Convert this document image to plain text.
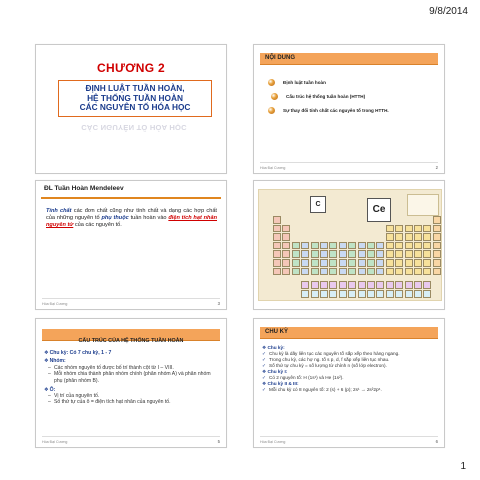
9/8/2014
CHƯƠNG 2
ĐỊNH LUẬT TUẦN HOÀN,
HỆ THỐNG TUẦN HOÀN
CÁC NGUYÊN TỐ HÓA HỌC
CÁC NGUYÊN TỐ HÓA HỌC
NỘI DUNG
Định luật tuần hoàn
Cấu trúc hệ thống tuần hoàn (HTTH)
Sự thay đổi tính chất các nguyên tố trong HTTH.
Hóa Đại Cương	2
ĐL Tuần Hoàn Mendeleev
Tính chất các đơn chất cũng như tính chất và dạng các hợp chất của những nguyên tố phụ thuộc tuần hoàn vào điện tích hạt nhân nguyên tử của các nguyên tố.
Hóa Đại Cương	3
C	Ce
CẤU TRÚC CỦA HỆ THỐNG TUẦN HOÀN
❖Chu kỳ: Có 7 chu kỳ, 1 - 7
❖Nhóm:
– Các nhóm nguyên tố được bố trí thành cột từ I – VIII.
– Mỗi nhóm chia thành phân nhóm chính (phân nhóm A) và phân nhóm phụ (phân nhóm B).
❖Ô:
– Vị trí của nguyên tố.
– Số thứ tự của ô = điện tích hạt nhân của nguyên tố.
Hóa Đại Cương	5
CHU KỲ
❖ Chu kỳ:
✓ Chu kỳ là dãy liên tục các nguyên tố sắp xếp theo hàng ngang.
✓ Trong chu kỳ, các hợ ng. tố s p, d, f sắp xếp liên tục nhau.
✓ Số thứ tự chu kỳ = số lượng từ chính n (số lớp electron).
❖ Chu kỳ I:
✓ Có 2 nguyên tố: H (1s¹) và He (1s²).
❖ Chu kỳ II & III:
✓ Mỗi chu kỳ có 8 nguyên tố: 2 (s) + 6 (p); 2s¹ → 2s²2p⁶.
Hóa Đại Cương	6
1
